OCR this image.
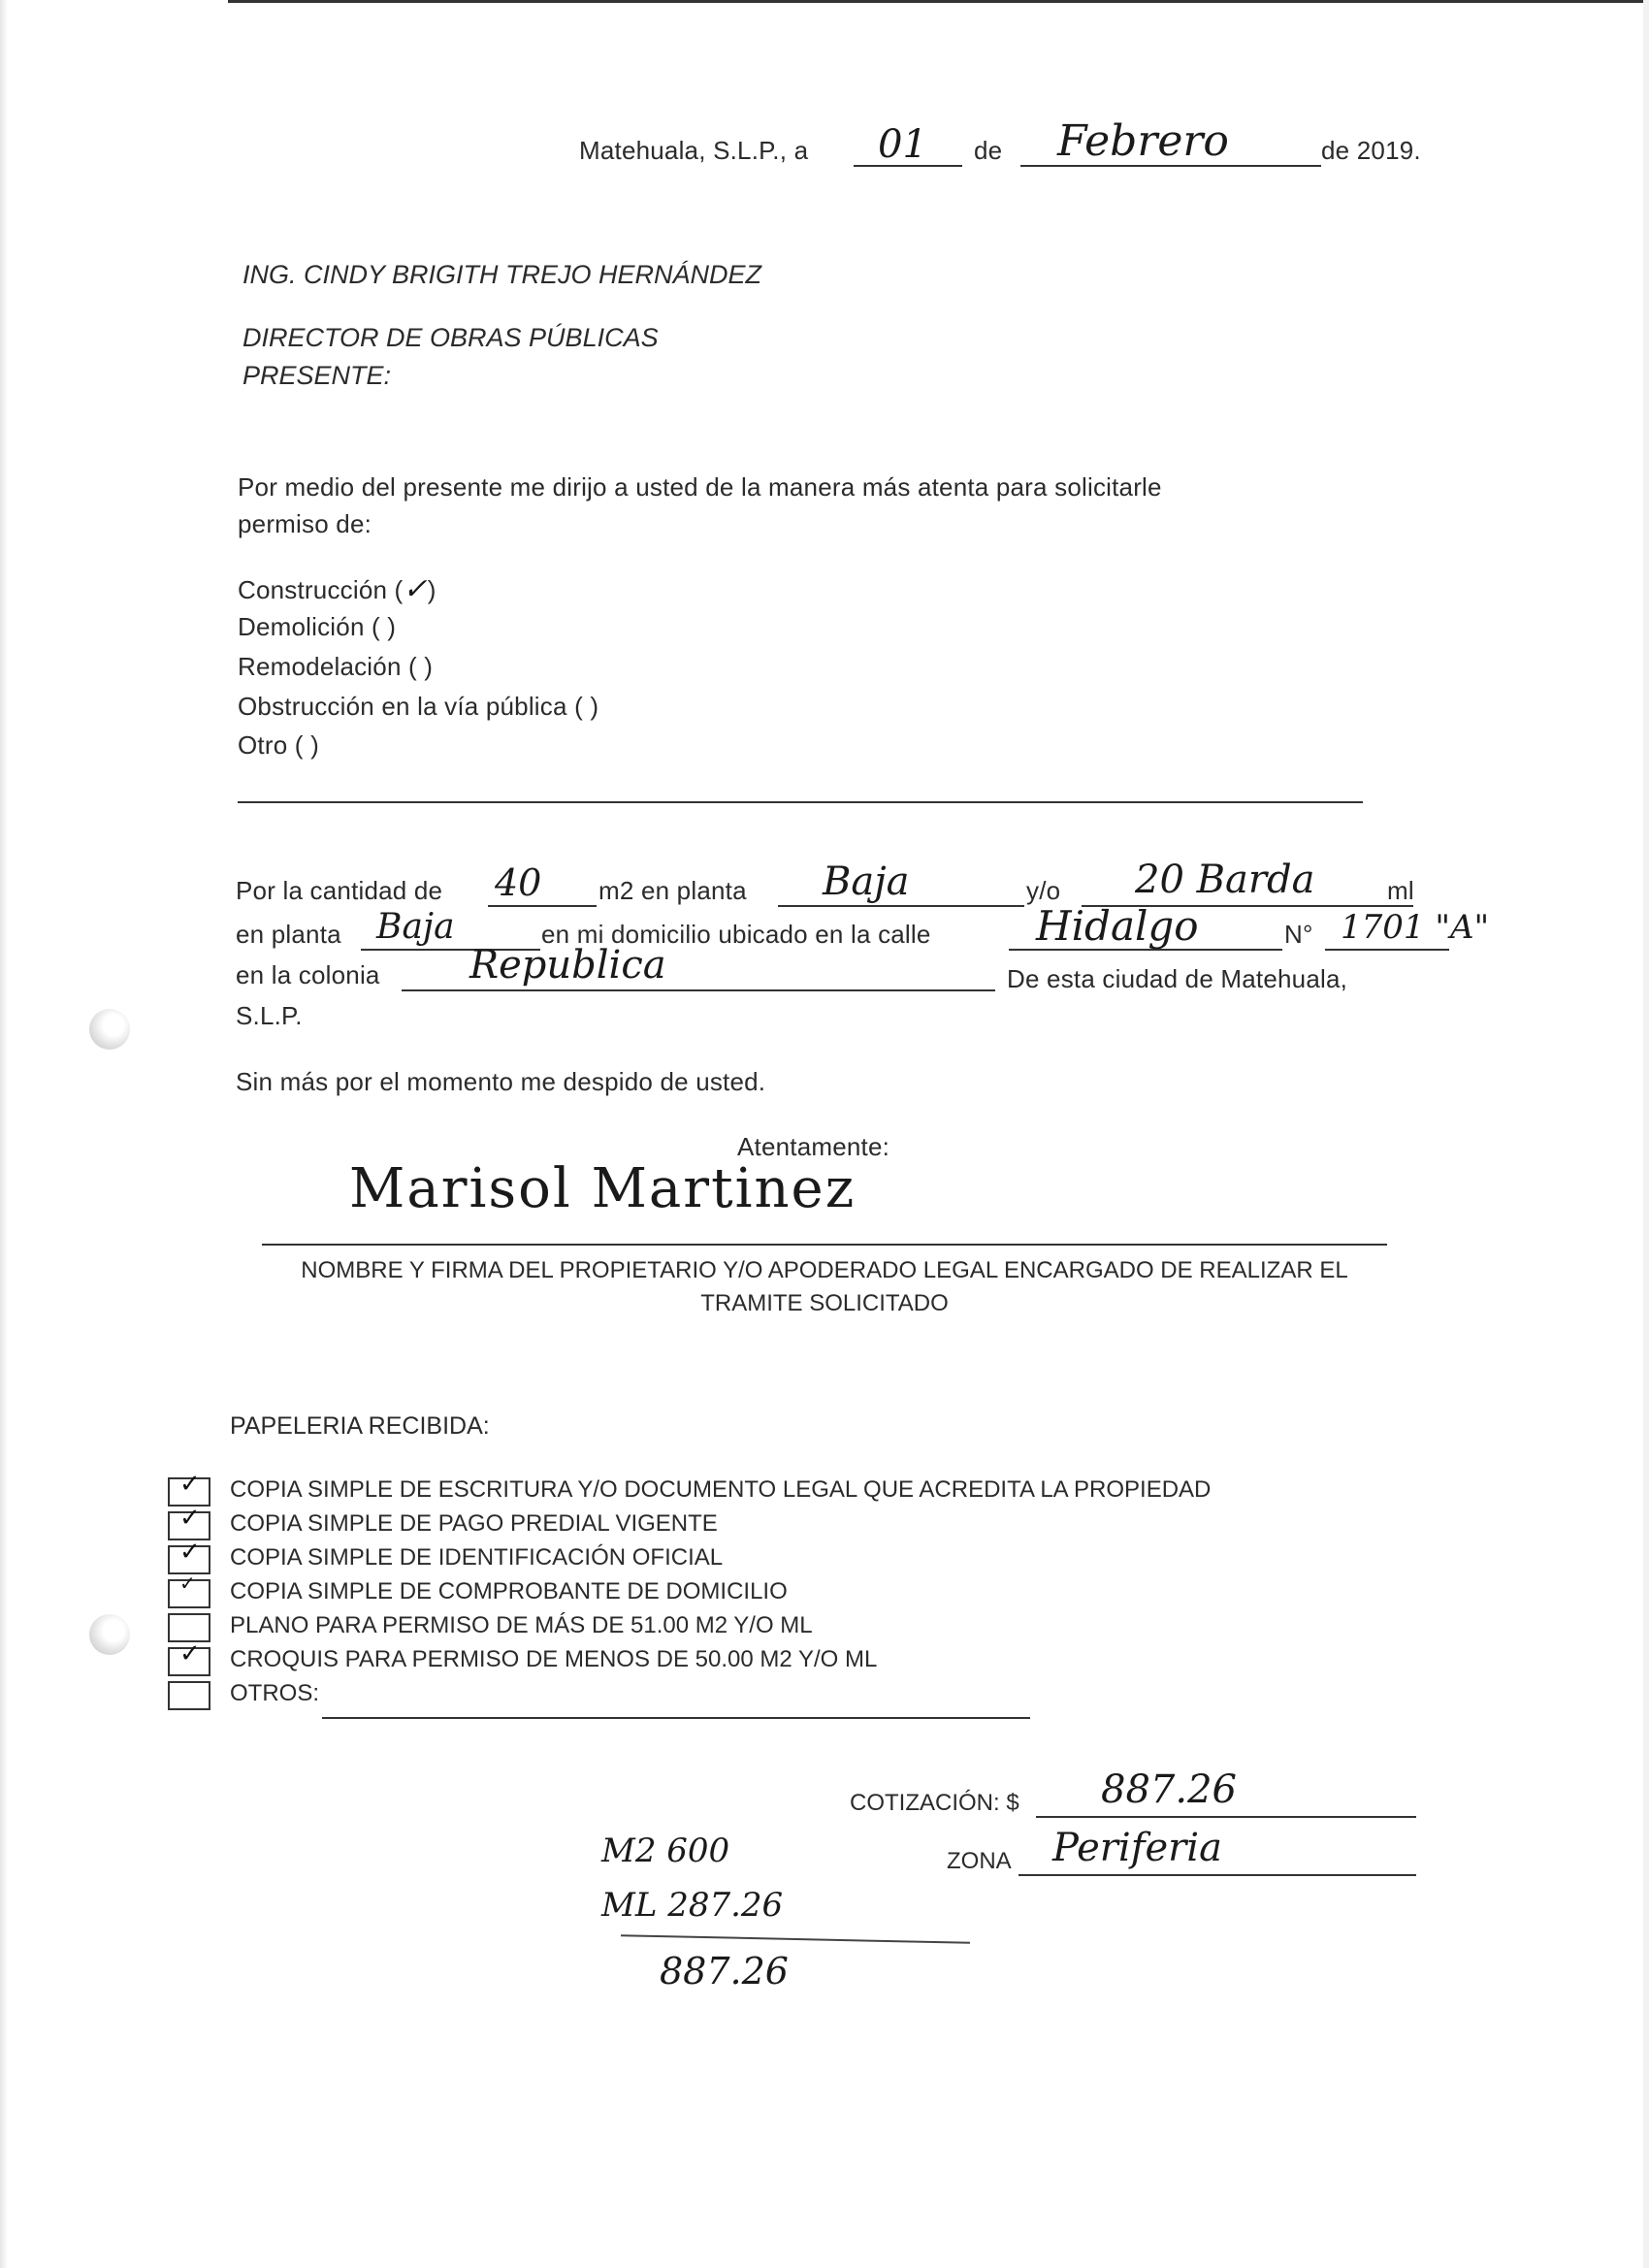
Matehuala, S.L.P., a 01 de Febrero	de 2019.
ING. CINDY BRIGITH TREJO HERNÁNDEZ
DIRECTOR DE OBRAS PÚBLICAS
PRESENTE:
Por medio del presente me dirijo a usted de la manera más atenta para solicitarle
permiso de:
Construcción (✓)
Demolición ( )
Remodelación ( )
Obstrucción en la vía pública ( )
Otro ( )
Por la cantidad de 40 m2 en planta Baja	y/o 20 Barda	ml
en planta Baja	en mi domicilio ubicado en la calle	Hidalgo	N° 1701 "A"
en la colonia Republica	De esta ciudad de Matehuala,
S.L.P.
Sin más por el momento me despido de usted.
Atentamente:
Marisol Martinez
NOMBRE Y FIRMA DEL PROPIETARIO Y/O APODERADO LEGAL ENCARGADO DE REALIZAR EL
TRAMITE SOLICITADO
PAPELERIA RECIBIDA:
✓ COPIA SIMPLE DE ESCRITURA Y/O DOCUMENTO LEGAL QUE ACREDITA LA PROPIEDAD
✓ COPIA SIMPLE DE PAGO PREDIAL VIGENTE
✓ COPIA SIMPLE DE IDENTIFICACIÓN OFICIAL
✓ COPIA SIMPLE DE COMPROBANTE DE DOMICILIO
PLANO PARA PERMISO DE MÁS DE 51.00 M2 Y/O ML
✓ CROQUIS PARA PERMISO DE MENOS DE 50.00 M2 Y/O ML
OTROS:
COTIZACIÓN: $ 887.26
ZONA Periferia
M2 600
ML 287.26
887.26
